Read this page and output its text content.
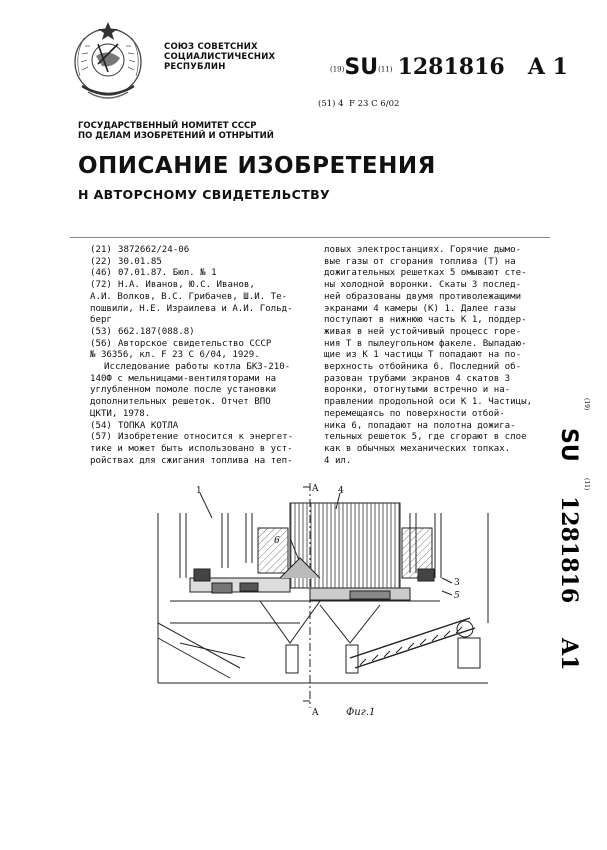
СОЮЗ СОВЕТСНИХ
СОЦИАЛИСТИЧЕСНИХ
РЕСПУБЛИН	(19)SU(11) 1281816 A 1
(51) 4 F 23 C 6/02
ГОСУДАРСТВЕННЫЙ НОМИТЕТ СССР
ПО ДЕЛАМ ИЗОБРЕТЕНИЙ И ОТНРЫТИЙ
ОПИСАНИЕ ИЗОБРЕТЕНИЯ
Н АВТОРСНОМУ СВИДЕТЕЛЬСТВУ
(21) 3872662/24-06
(22) 30.01.85
(46) 07.01.87. Бюл. № 1
(72) Н.А. Иванов, Ю.С. Иванов,
А.И. Волков, В.С. Грибачев, Ш.И. Те-
пошвили, Н.Е. Израилева и А.И. Гольд-
берг
(53) 662.187(088.8)
(56) Авторское свидетельство СССР
№ 36356, кл. F 23 C 6/04, 1929.
Исследование работы котла БКЗ-210-
140Ф с мельницами-вентиляторами на
углубленном помоле после установки
дополнительных решеток. Отчет ВПО
ЦКТИ, 1978.
(54) ТОПКА КОТЛА
(57) Изобретение относится к энергет-
тике и может быть использовано в уст-
ройствах для сжигания топлива на теп-
ловых электростанциях. Горячие дымо-
вые газы от сгорания топлива (Т) на
дожигательных решетках 5 омывают сте-
ны холодной воронки. Скаты 3 послед-
ней образованы двумя противолежащими
экранами 4 камеры (К) 1. Далее газы
поступают в нижнюю часть К 1, поддер-
живая в ней устойчивый процесс горе-
ния Т в пылеугольном факеле. Выпадаю-
щие из К 1 частицы Т попадают на по-
верхность отбойника 6. Последний об-
разован трубами экранов 4 скатов 3
воронки, отогнутыми встречно и на-
правлении продольной оси К 1. Частицы,
перемещаясь по поверхности отбой-
ника 6, попадают на полотна дожига-
тельных решеток 5, где сгорают в слое
как в обычных механических топках.
4 ил.
(19)
SU
(11)
1281816
A1
1	4
6
3
5
A
A	Фиг.1
